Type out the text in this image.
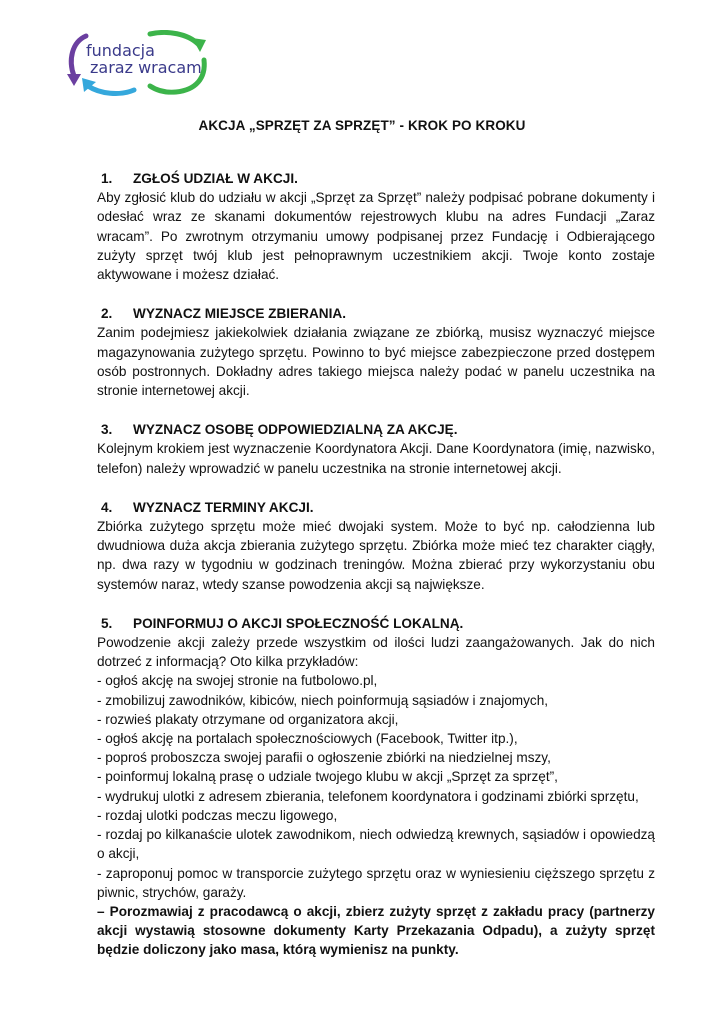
fundacja
zaraz wracam
AKCJA „SPRZĘT ZA SPRZĘT” - KROK PO KROKU
1.	ZGŁOŚ UDZIAŁ W AKCJI.
Aby zgłosić klub do udziału w akcji „Sprzęt za Sprzęt” należy podpisać pobrane dokumenty i odesłać wraz ze skanami dokumentów rejestrowych klubu na adres Fundacji „Zaraz wracam”. Po zwrotnym otrzymaniu umowy podpisanej przez Fundację i Odbierającego zużyty sprzęt twój klub jest pełnoprawnym uczestnikiem akcji. Twoje konto zostaje aktywowane i możesz działać.
2.	WYZNACZ MIEJSCE ZBIERANIA.
Zanim podejmiesz jakiekolwiek działania związane ze zbiórką, musisz wyznaczyć miejsce magazynowania zużytego sprzętu. Powinno to być miejsce zabezpieczone przed dostępem osób postronnych. Dokładny adres takiego miejsca należy podać w panelu uczestnika na stronie internetowej akcji.
3.	WYZNACZ OSOBĘ ODPOWIEDZIALNĄ ZA AKCJĘ.
Kolejnym krokiem jest wyznaczenie Koordynatora Akcji. Dane Koordynatora (imię, nazwisko, telefon) należy wprowadzić w panelu uczestnika na stronie internetowej akcji.
4.	WYZNACZ TERMINY AKCJI.
Zbiórka zużytego sprzętu może mieć dwojaki system. Może to być np. całodzienna lub dwudniowa duża akcja zbierania zużytego sprzętu. Zbiórka może mieć tez charakter ciągły, np. dwa razy w tygodniu w godzinach treningów. Można zbierać przy wykorzystaniu obu systemów naraz, wtedy szanse powodzenia akcji są największe.
5.	POINFORMUJ O AKCJI SPOŁECZNOŚĆ LOKALNĄ.
Powodzenie akcji zależy przede wszystkim od ilości ludzi zaangażowanych. Jak do nich dotrzeć z informacją? Oto kilka przykładów:
- ogłoś akcję na swojej stronie na futbolowo.pl,
- zmobilizuj zawodników, kibiców, niech poinformują sąsiadów i znajomych,
- rozwieś plakaty otrzymane od organizatora akcji,
- ogłoś akcję na portalach społecznościowych (Facebook, Twitter itp.),
- poproś proboszcza swojej parafii o ogłoszenie zbiórki na niedzielnej mszy,
- poinformuj lokalną prasę o udziale twojego klubu w akcji „Sprzęt za sprzęt”,
- wydrukuj ulotki z adresem zbierania, telefonem koordynatora i godzinami zbiórki sprzętu,
- rozdaj ulotki podczas meczu ligowego,
- rozdaj po kilkanaście ulotek zawodnikom, niech odwiedzą krewnych, sąsiadów i opowiedzą o akcji,
- zaproponuj pomoc w transporcie zużytego sprzętu oraz w wyniesieniu cięższego sprzętu z piwnic, strychów, garaży.
– Porozmawiaj z pracodawcą o akcji, zbierz zużyty sprzęt z zakładu pracy (partnerzy akcji wystawią stosowne dokumenty Karty Przekazania Odpadu), a zużyty sprzęt będzie doliczony jako masa, którą wymienisz na punkty.
